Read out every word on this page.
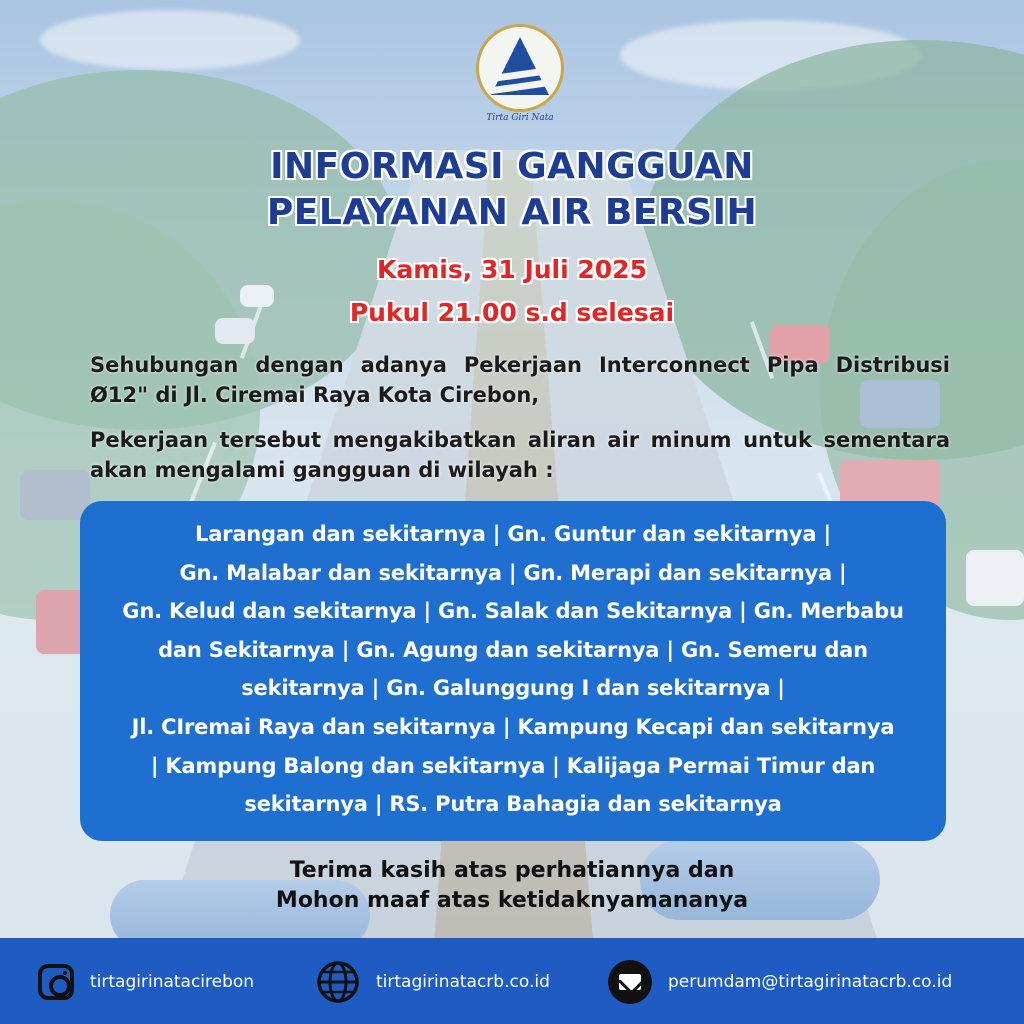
Tirta Giri Nata
INFORMASI GANGGUAN
PELAYANAN AIR BERSIH
Kamis, 31 Juli 2025
Pukul 21.00 s.d selesai
Sehubungan dengan adanya Pekerjaan Interconnect Pipa Distribusi Ø12" di Jl. Ciremai Raya Kota Cirebon,
Pekerjaan tersebut mengakibatkan aliran air minum untuk sementara akan mengalami gangguan di wilayah :
Larangan dan sekitarnya | Gn. Guntur dan sekitarnya |
Gn. Malabar dan sekitarnya | Gn. Merapi dan sekitarnya |
Gn. Kelud dan sekitarnya | Gn. Salak dan Sekitarnya | Gn. Merbabu
dan Sekitarnya | Gn. Agung dan sekitarnya | Gn. Semeru dan
sekitarnya | Gn. Galunggung I dan sekitarnya |
Jl. CIremai Raya dan sekitarnya | Kampung Kecapi dan sekitarnya
| Kampung Balong dan sekitarnya | Kalijaga Permai Timur dan
sekitarnya | RS. Putra Bahagia dan sekitarnya
Terima kasih atas perhatiannya dan
Mohon maaf atas ketidaknyamananya
tirtagirinatacirebon	tirtagirinatacrb.co.id	perumdam@tirtagirinatacrb.co.id
